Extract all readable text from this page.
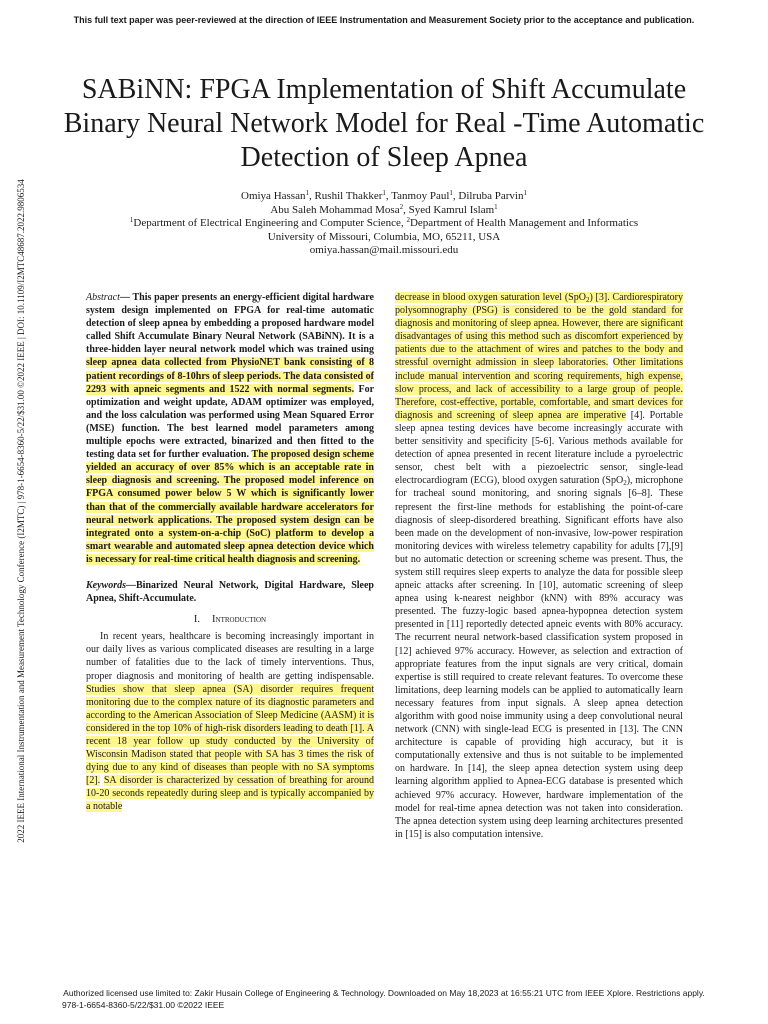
This full text paper was peer-reviewed at the direction of IEEE Instrumentation and Measurement Society prior to the acceptance and publication.
2022 IEEE International Instrumentation and Measurement Technology Conference (I2MTC) | 978-1-6654-8360-5/22/$31.00 ©2022 IEEE | DOI: 10.1109/I2MTC48687.2022.9806534
SABiNN: FPGA Implementation of Shift Accumulate Binary Neural Network Model for Real -Time Automatic Detection of Sleep Apnea
Omiya Hassan$^1$, Rushil Thakker$^1$, Tanmoy Paul$^1$, Dilruba Parvin$^1$
Abu Saleh Mohammad Mosa$^2$, Syed Kamrul Islam$^1$
$^1$Department of Electrical Engineering and Computer Science, $^2$Department of Health Management and Informatics
University of Missouri, Columbia, MO, 65211, USA
omiya.hassan@mail.missouri.edu
Abstract— This paper presents an energy-efficient digital hardware system design implemented on FPGA for real-time automatic detection of sleep apnea by embedding a proposed hardware model called Shift Accumulate Binary Neural Network (SABiNN). It is a three-hidden layer neural network model which was trained using sleep apnea data collected from PhysioNET bank consisting of 8 patient recordings of 8-10hrs of sleep periods. The data consisted of 2293 with apneic segments and 1522 with normal segments. For optimization and weight update, ADAM optimizer was employed, and the loss calculation was performed using Mean Squared Error (MSE) function. The best learned model parameters among multiple epochs were extracted, binarized and then fitted to the testing data set for further evaluation. The proposed design scheme yielded an accuracy of over 85% which is an acceptable rate in sleep diagnosis and screening. The proposed model inference on FPGA consumed power below 5 W which is significantly lower than that of the commercially available hardware accelerators for neural network applications. The proposed system design can be integrated onto a system-on-a-chip (SoC) platform to develop a smart wearable and automated sleep apnea detection device which is necessary for real-time critical health diagnosis and screening.
Keywords—Binarized Neural Network, Digital Hardware, Sleep Apnea, Shift-Accumulate.
I. Introduction
In recent years, healthcare is becoming increasingly important in our daily lives as various complicated diseases are resulting in a large number of fatalities due to the lack of timely interventions. Thus, proper diagnosis and monitoring of health are getting indispensable. Studies show that sleep apnea (SA) disorder requires frequent monitoring due to the complex nature of its diagnostic parameters and according to the American Association of Sleep Medicine (AASM) it is considered in the top 10% of high-risk disorders leading to death [1]. A recent 18 year follow up study conducted by the University of Wisconsin Madison stated that people with SA has 3 times the risk of dying due to any kind of diseases than people with no SA symptoms [2]. SA disorder is characterized by cessation of breathing for around 10-20 seconds repeatedly during sleep and is typically accompanied by a notable
decrease in blood oxygen saturation level (SpO$_2$) [3]. Cardiorespiratory polysomnography (PSG) is considered to be the gold standard for diagnosis and monitoring of sleep apnea. However, there are significant disadvantages of using this method such as discomfort experienced by patients due to the attachment of wires and patches to the body and stressful overnight admission in sleep laboratories. Other limitations include manual intervention and scoring requirements, high expense, slow process, and lack of accessibility to a large group of people. Therefore, cost-effective, portable, comfortable, and smart devices for diagnosis and screening of sleep apnea are imperative [4]. Portable sleep apnea testing devices have become increasingly accurate with better sensitivity and specificity [5-6]. Various methods available for detection of apnea presented in recent literature include a pyroelectric sensor, chest belt with a piezoelectric sensor, single-lead electrocardiogram (ECG), blood oxygen saturation (SpO$_2$), microphone for tracheal sound monitoring, and snoring signals [6–8]. These represent the first-line methods for establishing the point-of-care diagnosis of sleep-disordered breathing. Significant efforts have also been made on the development of non-invasive, low-power respiration monitoring devices with wireless telemetry capability for adults [7],[9] but no automatic detection or screening scheme was present. Thus, the system still requires sleep experts to analyze the data for possible sleep apneic attacks after screening. In [10], automatic screening of sleep apnea using k-nearest neighbor (kNN) with 89% accuracy was presented. The fuzzy-logic based apnea-hypopnea detection system presented in [11] reportedly detected apneic events with 80% accuracy. The recurrent neural network-based classification system proposed in [12] achieved 97% accuracy. However, as selection and extraction of appropriate features from the input signals are very critical, domain expertise is still required to create relevant features. To overcome these limitations, deep learning models can be applied to automatically learn necessary features from input signals. A sleep apnea detection algorithm with good noise immunity using a deep convolutional neural network (CNN) with single-lead ECG is presented in [13]. The CNN architecture is capable of providing high accuracy, but it is computationally extensive and thus is not suitable to be implemented on hardware. In [14], the sleep apnea detection system using deep learning algorithm applied to Apnea-ECG database is presented which achieved 97% accuracy. However, hardware implementation of the model for real-time apnea detection was not taken into consideration. The apnea detection system using deep learning architectures presented in [15] is also computation intensive.
Authorized licensed use limited to: Zakir Husain College of Engineering & Technology. Downloaded on May 18,2023 at 16:55:21 UTC from IEEE Xplore. Restrictions apply.
978-1-6654-8360-5/22/$31.00 ©2022 IEEE
